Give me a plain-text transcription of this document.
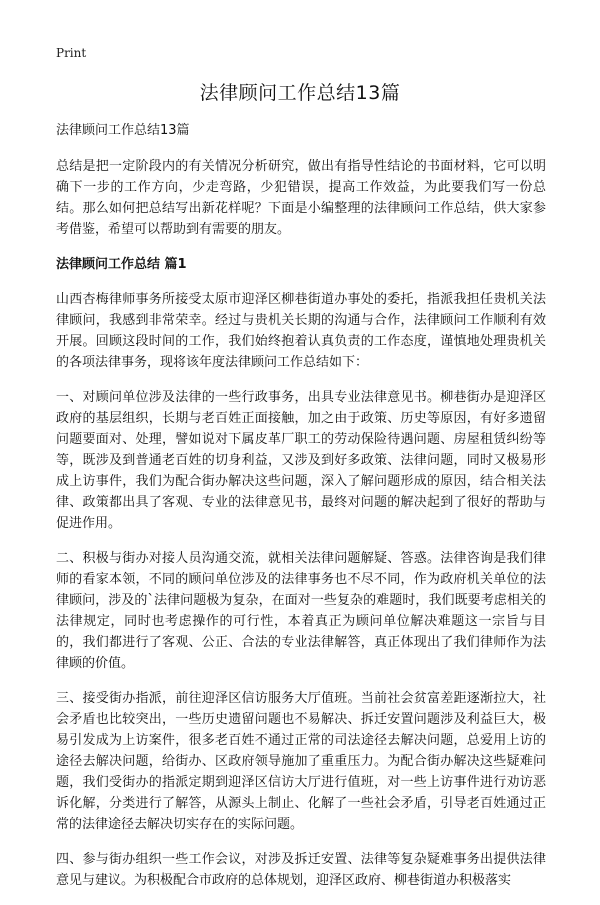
Print
法律顾问工作总结13篇
法律顾问工作总结13篇

总结是把一定阶段内的有关情况分析研究，做出有指导性结论的书面材料，它可以明确下一步的工作方向，少走弯路，少犯错误，提高工作效益，为此要我们写一份总结。那么如何把总结写出新花样呢？下面是小编整理的法律顾问工作总结，供大家参考借鉴，希望可以帮助到有需要的朋友。

法律顾问工作总结 篇1

山西杏梅律师事务所接受太原市迎泽区柳巷街道办事处的委托，指派我担任贵机关法律顾问，我感到非常荣幸。经过与贵机关长期的沟通与合作，法律顾问工作顺利有效开展。回顾这段时间的工作，我们始终抱着认真负责的工作态度，谨慎地处理贵机关的各项法律事务，现将该年度法律顾问工作总结如下：

一、对顾问单位涉及法律的一些行政事务，出具专业法律意见书。柳巷街办是迎泽区政府的基层组织，长期与老百姓正面接触，加之由于政策、历史等原因，有好多遗留问题要面对、处理，譬如说对下属皮革厂职工的劳动保险待遇问题、房屋租赁纠纷等等，既涉及到普通老百姓的切身利益，又涉及到好多政策、法律问题，同时又极易形成上访事件，我们为配合街办解决这些问题，深入了解问题形成的原因，结合相关法律、政策都出具了客观、专业的法律意见书，最终对问题的解决起到了很好的帮助与促进作用。

二、积极与街办对接人员沟通交流，就相关法律问题解疑、答惑。法律咨询是我们律师的看家本领，不同的顾问单位涉及的法律事务也不尽不同，作为政府机关单位的法律顾问，涉及的`法律问题极为复杂，在面对一些复杂的难题时，我们既要考虑相关的法律规定，同时也考虑操作的可行性，本着真正为顾问单位解决难题这一宗旨与目的，我们都进行了客观、公正、合法的专业法律解答，真正体现出了我们律师作为法律顾的价值。

三、接受街办指派，前往迎泽区信访服务大厅值班。当前社会贫富差距逐渐拉大，社会矛盾也比较突出，一些历史遗留问题也不易解决、拆迁安置问题涉及利益巨大，极易引发成为上访案件，很多老百姓不通过正常的司法途径去解决问题，总爱用上访的途径去解决问题，给街办、区政府领导施加了重重压力。为配合街办解决这些疑难问题，我们受街办的指派定期到迎泽区信访大厅进行值班，对一些上访事件进行劝访恶诉化解，分类进行了解答，从源头上制止、化解了一些社会矛盾，引导老百姓通过正常的法律途径去解决切实存在的实际问题。

四、参与街办组织一些工作会议，对涉及拆迁安置、法律等复杂疑难事务出提供法律意见与建议。为积极配合市政府的总体规划，迎泽区政府、柳巷街道办积极落实
